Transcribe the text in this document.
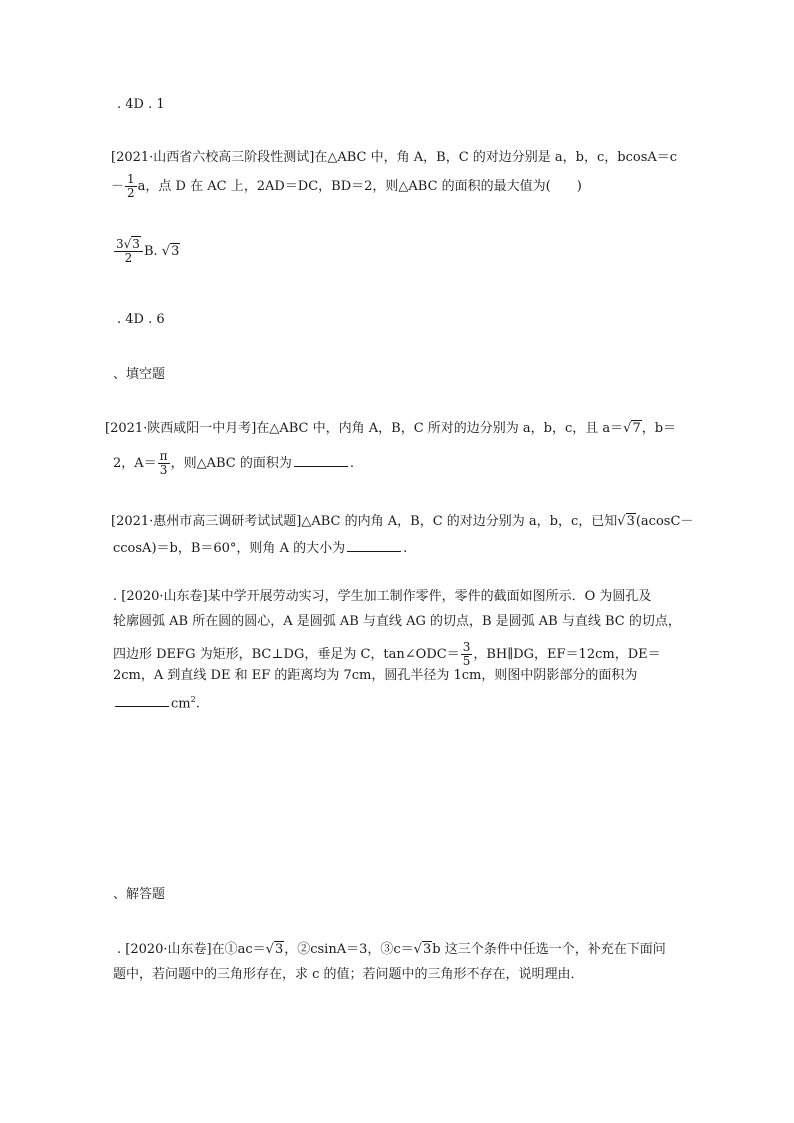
. 4D . 1
[2021·山西省六校高三阶段性测试]在△ABC 中，角 A，B，C 的对边分别是 a，b，c，bcosA＝c
－ $\frac{1}{2}$ a，点 D 在 AC 上，2AD＝DC，BD＝2，则△ABC 的面积的最大值为(　　)
$\frac{3√3}{2} B$. √3
. 4D . 6
、填空题
[2021·陕西咸阳一中月考]在△ABC 中，内角 A，B，C 所对的边分别为 a，b，c，且 a＝√7，b＝
2，$A= \frac{\pi}{3}$ ，则△ABC 的面积为	.
[2021·惠州市高三调研考试试题]△ABC 的内角 A，B，C 的对边分别为 a，b，c，已知√3(acosC－
ccosA)＝b，B＝60°，则角 A 的大小为	.
. [2020·山东卷]某中学开展劳动实习，学生加工制作零件，零件的截面如图所示．O 为圆孔及
轮廓圆弧 AB 所在圆的圆心，A 是圆弧 AB 与直线 AG 的切点，B 是圆弧 AB 与直线 BC 的切点，
四边形 DEFG 为矩形，BC⊥DG，垂足为 C，tan∠ODC＝ $\frac{3}{5}$ ，BH∥DG，EF＝12cm，DE＝
2cm，A 到直线 DE 和 EF 的距离均为 7cm，圆孔半径为 1cm，则图中阴影部分的面积为
$cm^2$.
、解答题
. [2020·山东卷]在①ac＝√3，②csinA＝3，③c＝√3b 这三个条件中任选一个，补充在下面问
题中，若问题中的三角形存在，求 c 的值；若问题中的三角形不存在，说明理由．
